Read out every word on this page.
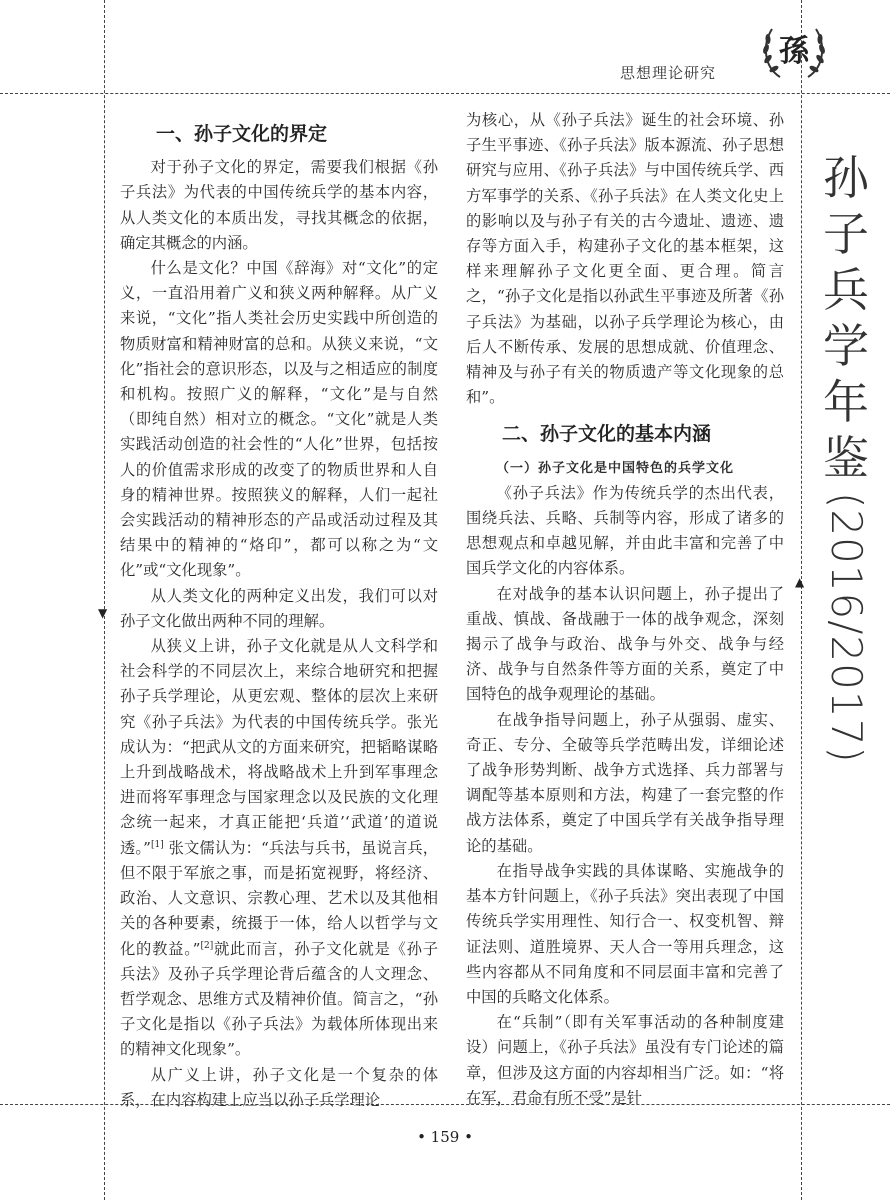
思想理论研究
孫
孙
子
兵
学
年
鉴
(2016/2017)
▼
▲
一、孙子文化的界定

对于孙子文化的界定，需要我们根据《孙子兵法》为代表的中国传统兵学的基本内容，从人类文化的本质出发，寻找其概念的依据，确定其概念的内涵。

什么是文化？中国《辞海》对“文化”的定义，一直沿用着广义和狭义两种解释。从广义来说，“文化”指人类社会历史实践中所创造的物质财富和精神财富的总和。从狭义来说，“文化”指社会的意识形态，以及与之相适应的制度和机构。按照广义的解释，“文化”是与自然（即纯自然）相对立的概念。“文化”就是人类实践活动创造的社会性的“人化”世界，包括按人的价值需求形成的改变了的物质世界和人自身的精神世界。按照狭义的解释，人们一起社会实践活动的精神形态的产品或活动过程及其结果中的精神的“烙印”，都可以称之为“文化”或“文化现象”。

从人类文化的两种定义出发，我们可以对孙子文化做出两种不同的理解。

从狭义上讲，孙子文化就是从人文科学和社会科学的不同层次上，来综合地研究和把握孙子兵学理论，从更宏观、整体的层次上来研究《孙子兵法》为代表的中国传统兵学。张光成认为：“把武从文的方面来研究，把韬略谋略上升到战略战术，将战略战术上升到军事理念进而将军事理念与国家理念以及民族的文化理念统一起来，才真正能把‘兵道’‘武道’的道说透。”[1] 张文儒认为：“兵法与兵书，虽说言兵，但不限于军旅之事，而是拓宽视野，将经济、政治、人文意识、宗教心理、艺术以及其他相关的各种要素，统摄于一体，给人以哲学与文化的教益。”[2]就此而言，孙子文化就是《孙子兵法》及孙子兵学理论背后蕴含的人文理念、哲学观念、思维方式及精神价值。简言之，“孙子文化是指以《孙子兵法》为载体所体现出来的精神文化现象”。

从广义上讲，孙子文化是一个复杂的体系，在内容构建上应当以孙子兵学理论

为核心，从《孙子兵法》诞生的社会环境、孙子生平事迹、《孙子兵法》版本源流、孙子思想研究与应用、《孙子兵法》与中国传统兵学、西方军事学的关系、《孙子兵法》在人类文化史上的影响以及与孙子有关的古今遗址、遗迹、遗存等方面入手，构建孙子文化的基本框架，这样来理解孙子文化更全面、更合理。简言之，“孙子文化是指以孙武生平事迹及所著《孙子兵法》为基础，以孙子兵学理论为核心，由后人不断传承、发展的思想成就、价值理念、精神及与孙子有关的物质遗产等文化现象的总和”。

二、孙子文化的基本内涵
（一）孙子文化是中国特色的兵学文化

《孙子兵法》作为传统兵学的杰出代表，围绕兵法、兵略、兵制等内容，形成了诸多的思想观点和卓越见解，并由此丰富和完善了中国兵学文化的内容体系。

在对战争的基本认识问题上，孙子提出了重战、慎战、备战融于一体的战争观念，深刻揭示了战争与政治、战争与外交、战争与经济、战争与自然条件等方面的关系，奠定了中国特色的战争观理论的基础。

在战争指导问题上，孙子从强弱、虚实、奇正、专分、全破等兵学范畴出发，详细论述了战争形势判断、战争方式选择、兵力部署与调配等基本原则和方法，构建了一套完整的作战方法体系，奠定了中国兵学有关战争指导理论的基础。

在指导战争实践的具体谋略、实施战争的基本方针问题上，《孙子兵法》突出表现了中国传统兵学实用理性、知行合一、权变机智、辩证法则、道胜境界、天人合一等用兵理念，这些内容都从不同角度和不同层面丰富和完善了中国的兵略文化体系。

在“兵制”（即有关军事活动的各种制度建设）问题上，《孙子兵法》虽没有专门论述的篇章，但涉及这方面的内容却相当广泛。如：“将在军，君命有所不受”是针

• 159 •
